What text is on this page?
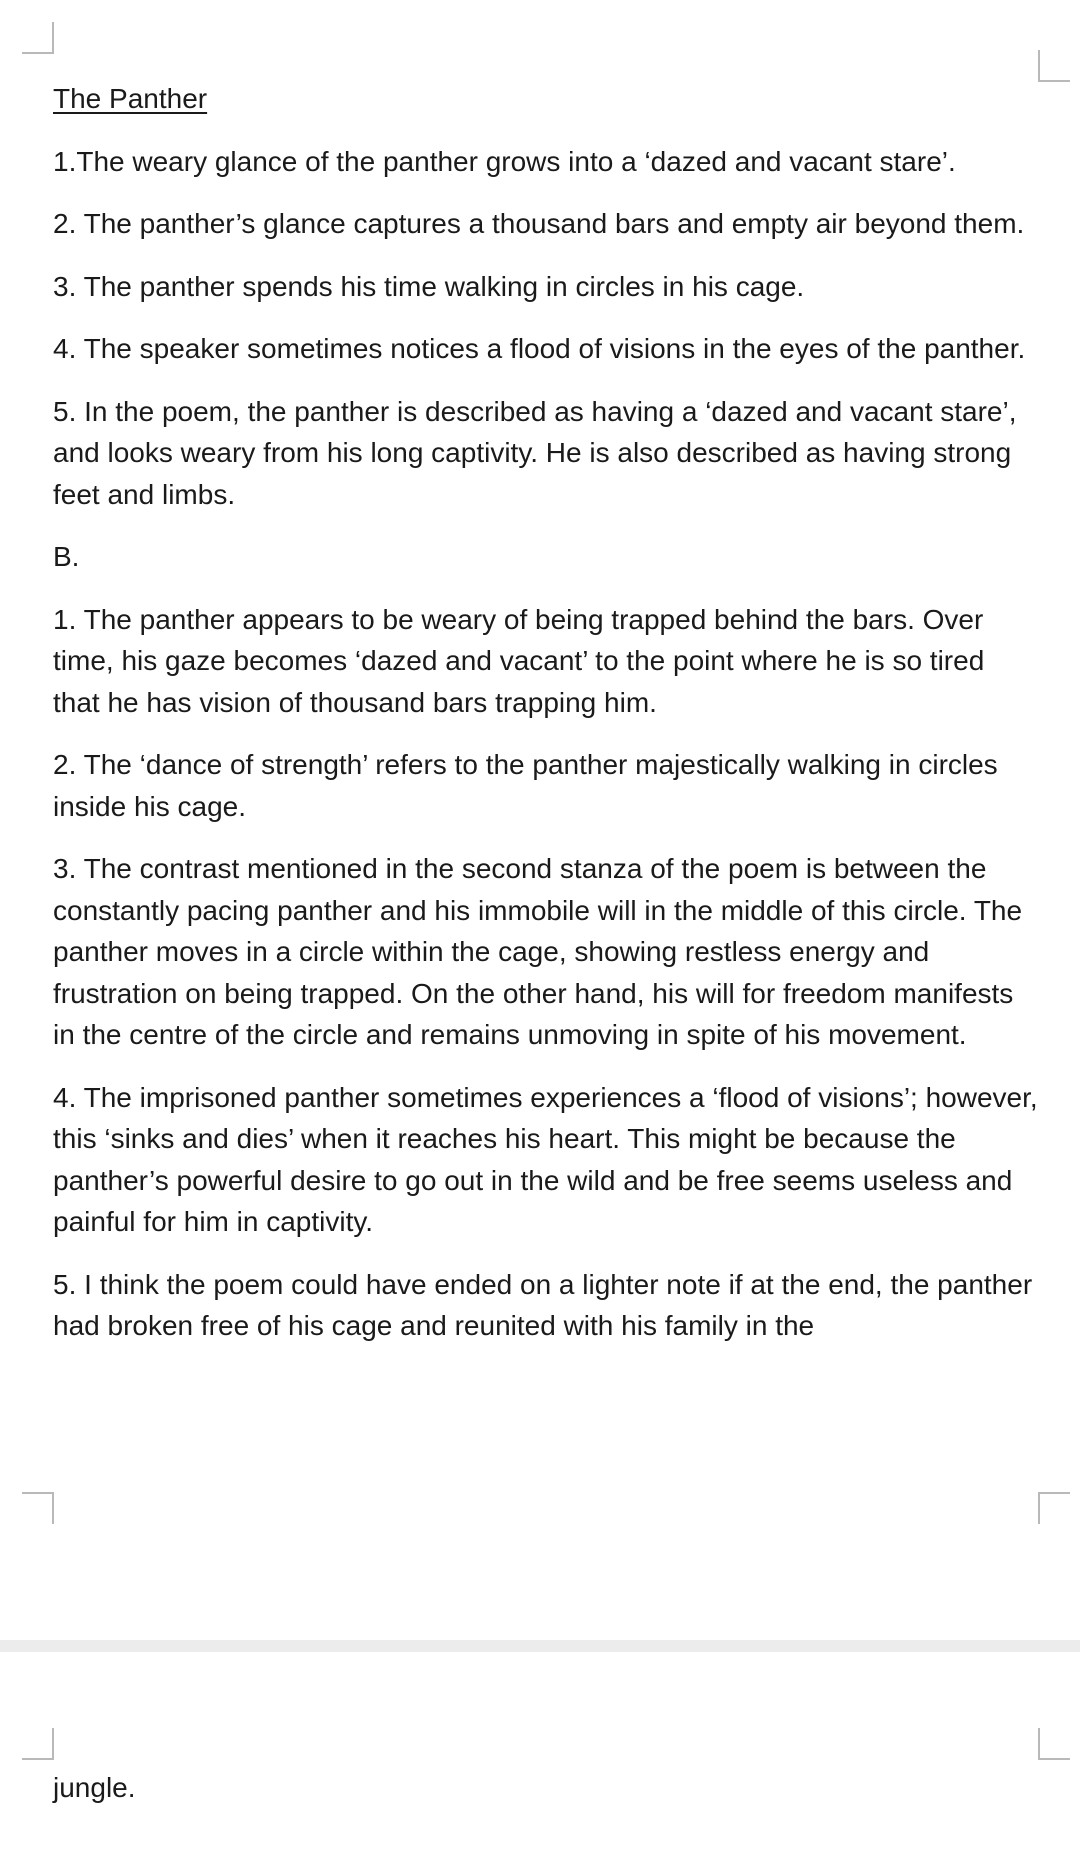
The Panther

1.The weary glance of the panther grows into a ‘dazed and vacant stare’.

2. The panther’s glance captures a thousand bars and empty air beyond them.

3. The panther spends his time walking in circles in his cage.

4. The speaker sometimes notices a flood of visions in the eyes of the panther.

5. In the poem, the panther is described as having a ‘dazed and vacant stare’, and looks weary from his long captivity. He is also described as having strong feet and limbs.

B.

1. The panther appears to be weary of being trapped behind the bars. Over time, his gaze becomes ‘dazed and vacant’ to the point where he is so tired that he has vision of thousand bars trapping him.

2. The ‘dance of strength’ refers to the panther majestically walking in circles inside his cage.

3. The contrast mentioned in the second stanza of the poem is between the constantly pacing panther and his immobile will in the middle of this circle. The panther moves in a circle within the cage, showing restless energy and frustration on being trapped. On the other hand, his will for freedom manifests in the centre of the circle and remains unmoving in spite of his movement.

4. The imprisoned panther sometimes experiences a ‘flood of visions’; however, this ‘sinks and dies’ when it reaches his heart. This might be because the panther’s powerful desire to go out in the wild and be free seems useless and painful for him in captivity.

5. I think the poem could have ended on a lighter note if at the end, the panther had broken free of his cage and reunited with his family in the

jungle.
